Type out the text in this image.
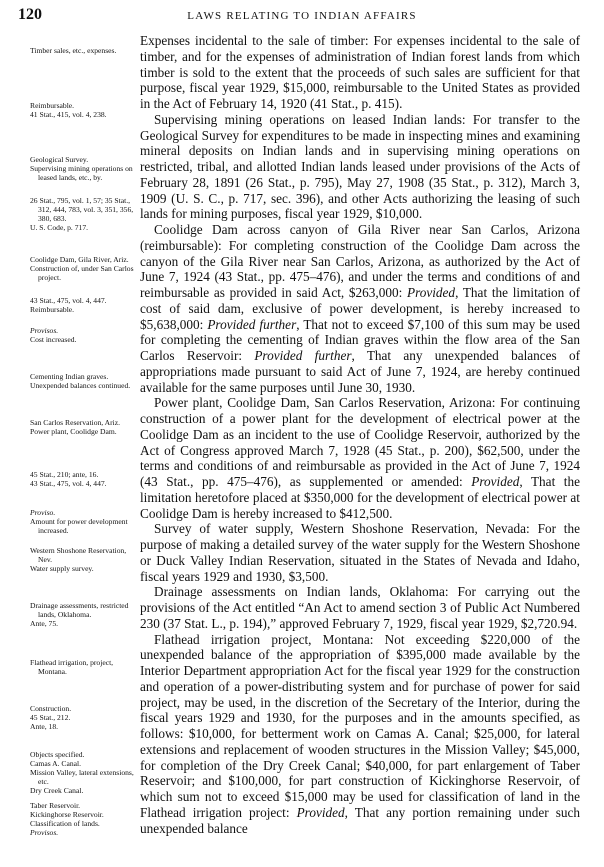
120	LAWS RELATING TO INDIAN AFFAIRS
Timber sales, etc., expenses.
Reimbursable.
41 Stat., 415, vol. 4, 238.
Geological Survey.
Supervising mining operations on leased lands, etc., by.
26 Stat., 795, vol. 1, 57; 35 Stat., 312, 444, 783, vol. 3, 351, 356, 380, 683.
U. S. Code, p. 717.
Coolidge Dam, Gila River, Ariz.
Construction of, under San Carlos project.
43 Stat., 475, vol. 4, 447.
Reimbursable.
Provisos.
Cost increased.
Cementing Indian graves.
Unexpended balances continued.
San Carlos Reservation, Ariz.
Power plant, Coolidge Dam.
45 Stat., 210; ante, 16.
43 Stat., 475, vol. 4, 447.
Proviso.
Amount for power development increased.
Western Shoshone Reservation, Nev.
Water supply survey.
Drainage assessments, restricted lands, Oklahoma.
Ante, 75.
Flathead irrigation, project, Montana.
Construction.
45 Stat., 212.
Ante, 18.
Objects specified.
Camas A. Canal.
Mission Valley, lateral extensions, etc.
Dry Creek Canal.
Taber Reservoir.
Kickinghorse Reservoir.
Classification of lands.
Provisos.

Expenses incidental to the sale of timber: For expenses incidental to the sale of timber, and for the expenses of administration of Indian forest lands from which timber is sold to the extent that the proceeds of such sales are sufficient for that purpose, fiscal year 1929, $15,000, reimbursable to the United States as provided in the Act of February 14, 1920 (41 Stat., p. 415).

Supervising mining operations on leased Indian lands: For transfer to the Geological Survey for expenditures to be made in inspecting mines and examining mineral deposits on Indian lands and in supervising mining operations on restricted, tribal, and allotted Indian lands leased under provisions of the Acts of February 28, 1891 (26 Stat., p. 795), May 27, 1908 (35 Stat., p. 312), March 3, 1909 (U. S. C., p. 717, sec. 396), and other Acts authorizing the leasing of such lands for mining purposes, fiscal year 1929, $10,000.

Coolidge Dam across canyon of Gila River near San Carlos, Arizona (reimbursable): For completing construction of the Coolidge Dam across the canyon of the Gila River near San Carlos, Arizona, as authorized by the Act of June 7, 1924 (43 Stat., pp. 475–476), and under the terms and conditions of and reimbursable as provided in said Act, $263,000: Provided, That the limitation of cost of said dam, exclusive of power development, is hereby increased to $5,638,000: Provided further, That not to exceed $7,100 of this sum may be used for completing the cementing of Indian graves within the flow area of the San Carlos Reservoir: Provided further, That any unexpended balances of appropriations made pursuant to said Act of June 7, 1924, are hereby continued available for the same purposes until June 30, 1930.

Power plant, Coolidge Dam, San Carlos Reservation, Arizona: For continuing construction of a power plant for the development of electrical power at the Coolidge Dam as an incident to the use of Coolidge Reservoir, authorized by the Act of Congress approved March 7, 1928 (45 Stat., p. 200), $62,500, under the terms and conditions of and reimbursable as provided in the Act of June 7, 1924 (43 Stat., pp. 475–476), as supplemented or amended: Provided, That the limitation heretofore placed at $350,000 for the development of electrical power at Coolidge Dam is hereby increased to $412,500.

Survey of water supply, Western Shoshone Reservation, Nevada: For the purpose of making a detailed survey of the water supply for the Western Shoshone or Duck Valley Indian Reservation, situated in the States of Nevada and Idaho, fiscal years 1929 and 1930, $3,500.

Drainage assessments on Indian lands, Oklahoma: For carrying out the provisions of the Act entitled “An Act to amend section 3 of Public Act Numbered 230 (37 Stat. L., p. 194),” approved February 7, 1929, fiscal year 1929, $2,720.94.

Flathead irrigation project, Montana: Not exceeding $220,000 of the unexpended balance of the appropriation of $395,000 made available by the Interior Department appropriation Act for the fiscal year 1929 for the construction and operation of a power-distributing system and for purchase of power for said project, may be used, in the discretion of the Secretary of the Interior, during the fiscal years 1929 and 1930, for the purposes and in the amounts specified, as follows: $10,000, for betterment work on Camas A. Canal; $25,000, for lateral extensions and replacement of wooden structures in the Mission Valley; $45,000, for completion of the Dry Creek Canal; $40,000, for part enlargement of Taber Reservoir; and $100,000, for part construction of Kickinghorse Reservoir, of which sum not to exceed $15,000 may be used for classification of land in the Flathead irrigation project: Provided, That any portion remaining under such unexpended balance
